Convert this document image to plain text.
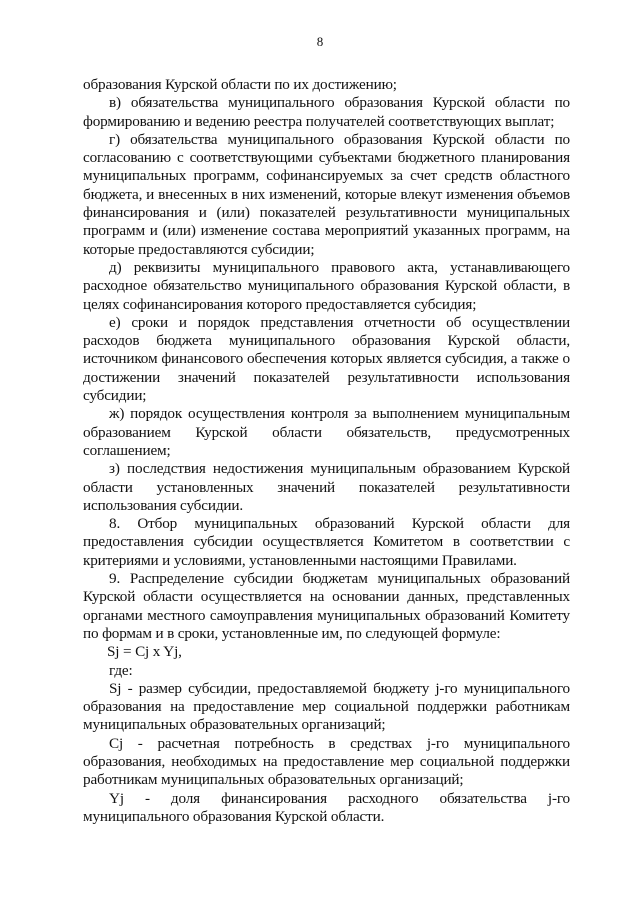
8

образования Курской области по их достижению;

в) обязательства муниципального образования Курской области по формированию и ведению реестра получателей соответствующих выплат;

г) обязательства муниципального образования Курской области по согласованию с соответствующими субъектами бюджетного планирования муниципальных программ, софинансируемых за счет средств областного бюджета, и внесенных в них изменений, которые влекут изменения объемов финансирования и (или) показателей результативности муниципальных программ и (или) изменение состава мероприятий указанных программ, на которые предоставляются субсидии;

д) реквизиты муниципального правового акта, устанавливающего расходное обязательство муниципального образования Курской области, в целях софинансирования которого предоставляется субсидия;

е) сроки и порядок представления отчетности об осуществлении расходов бюджета муниципального образования Курской области, источником финансового обеспечения которых является субсидия, а также о достижении значений показателей результативности использования субсидии;

ж) порядок осуществления контроля за выполнением муниципальным образованием Курской области обязательств, предусмотренных соглашением;

з) последствия недостижения муниципальным образованием Курской области установленных значений показателей результативности использования субсидии.

8. Отбор муниципальных образований Курской области для предоставления субсидии осуществляется Комитетом в соответствии с критериями и условиями, установленными настоящими Правилами.

9. Распределение субсидии бюджетам муниципальных образований Курской области осуществляется на основании данных, представленных органами местного самоуправления муниципальных образований Комитету по формам и в сроки, установленные им, по следующей формуле:

Sj = Cj x Yj,

где:

Sj - размер субсидии, предоставляемой бюджету j-го муниципального образования на предоставление мер социальной поддержки работникам муниципальных образовательных организаций;

Cj - расчетная потребность в средствах j-го муниципального образования, необходимых на предоставление мер социальной поддержки работникам муниципальных образовательных организаций;

Yj - доля финансирования расходного обязательства j-го муниципального образования Курской области.
